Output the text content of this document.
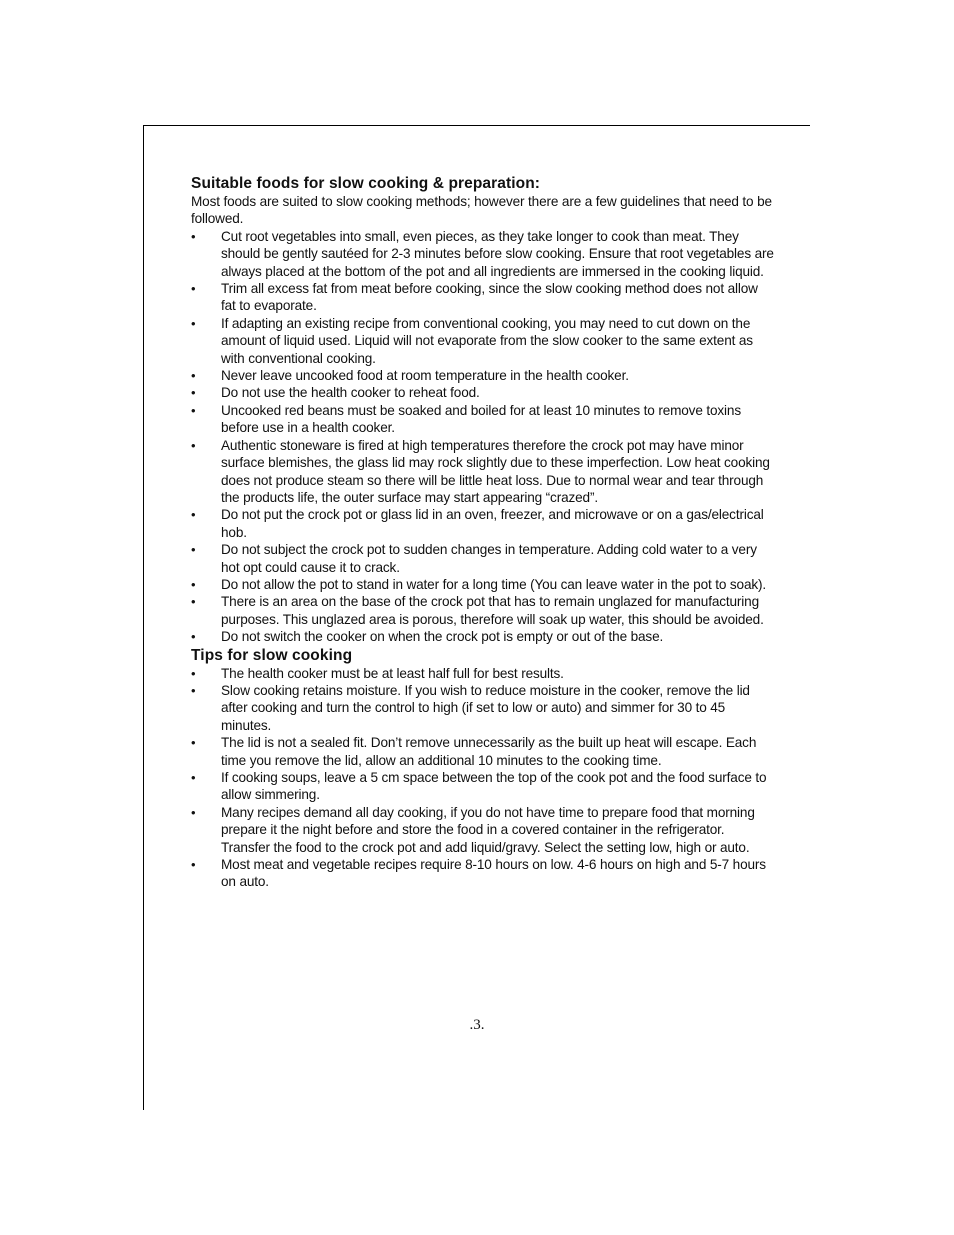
Suitable foods for slow cooking & preparation:

Most foods are suited to slow cooking methods; however there are a few guidelines that need to be followed.

•	Cut root vegetables into small, even pieces, as they take longer to cook than meat. They should be gently sautéed for 2-3 minutes before slow cooking. Ensure that root vegetables are always placed at the bottom of the pot and all ingredients are immersed in the cooking liquid.
•	Trim all excess fat from meat before cooking, since the slow cooking method does not allow fat to evaporate.
•	If adapting an existing recipe from conventional cooking, you may need to cut down on the amount of liquid used. Liquid will not evaporate from the slow cooker to the same extent as with conventional cooking.
•	Never leave uncooked food at room temperature in the health cooker.
•	Do not use the health cooker to reheat food.
•	Uncooked red beans must be soaked and boiled for at least 10 minutes to remove toxins before use in a health cooker.
•	Authentic stoneware is fired at high temperatures therefore the crock pot may have minor surface blemishes, the glass lid may rock slightly due to these imperfection. Low heat cooking does not produce steam so there will be little heat loss. Due to normal wear and tear through the products life, the outer surface may start appearing “crazed”.
•	Do not put the crock pot or glass lid in an oven, freezer, and microwave or on a gas/electrical hob.
•	Do not subject the crock pot to sudden changes in temperature. Adding cold water to a very hot opt could cause it to crack.
•	Do not allow the pot to stand in water for a long time (You can leave water in the pot to soak).
•	There is an area on the base of the crock pot that has to remain unglazed for manufacturing purposes. This unglazed area is porous, therefore will soak up water, this should be avoided.
•	Do not switch the cooker on when the crock pot is empty or out of the base.
Tips for slow cooking
•	The health cooker must be at least half full for best results.
•	Slow cooking retains moisture. If you wish to reduce moisture in the cooker, remove the lid after cooking and turn the control to high (if set to low or auto) and simmer for 30 to 45 minutes.
•	The lid is not a sealed fit. Don’t remove unnecessarily as the built up heat will escape. Each time you remove the lid, allow an additional 10 minutes to the cooking time.
•	If cooking soups, leave a 5 cm space between the top of the cook pot and the food surface to allow simmering.
•	Many recipes demand all day cooking, if you do not have time to prepare food that morning prepare it the night before and store the food in a covered container in the refrigerator. Transfer the food to the crock pot and add liquid/gravy. Select the setting low, high or auto.
•	Most meat and vegetable recipes require 8-10 hours on low. 4-6 hours on high and 5-7 hours on auto.
.3.
